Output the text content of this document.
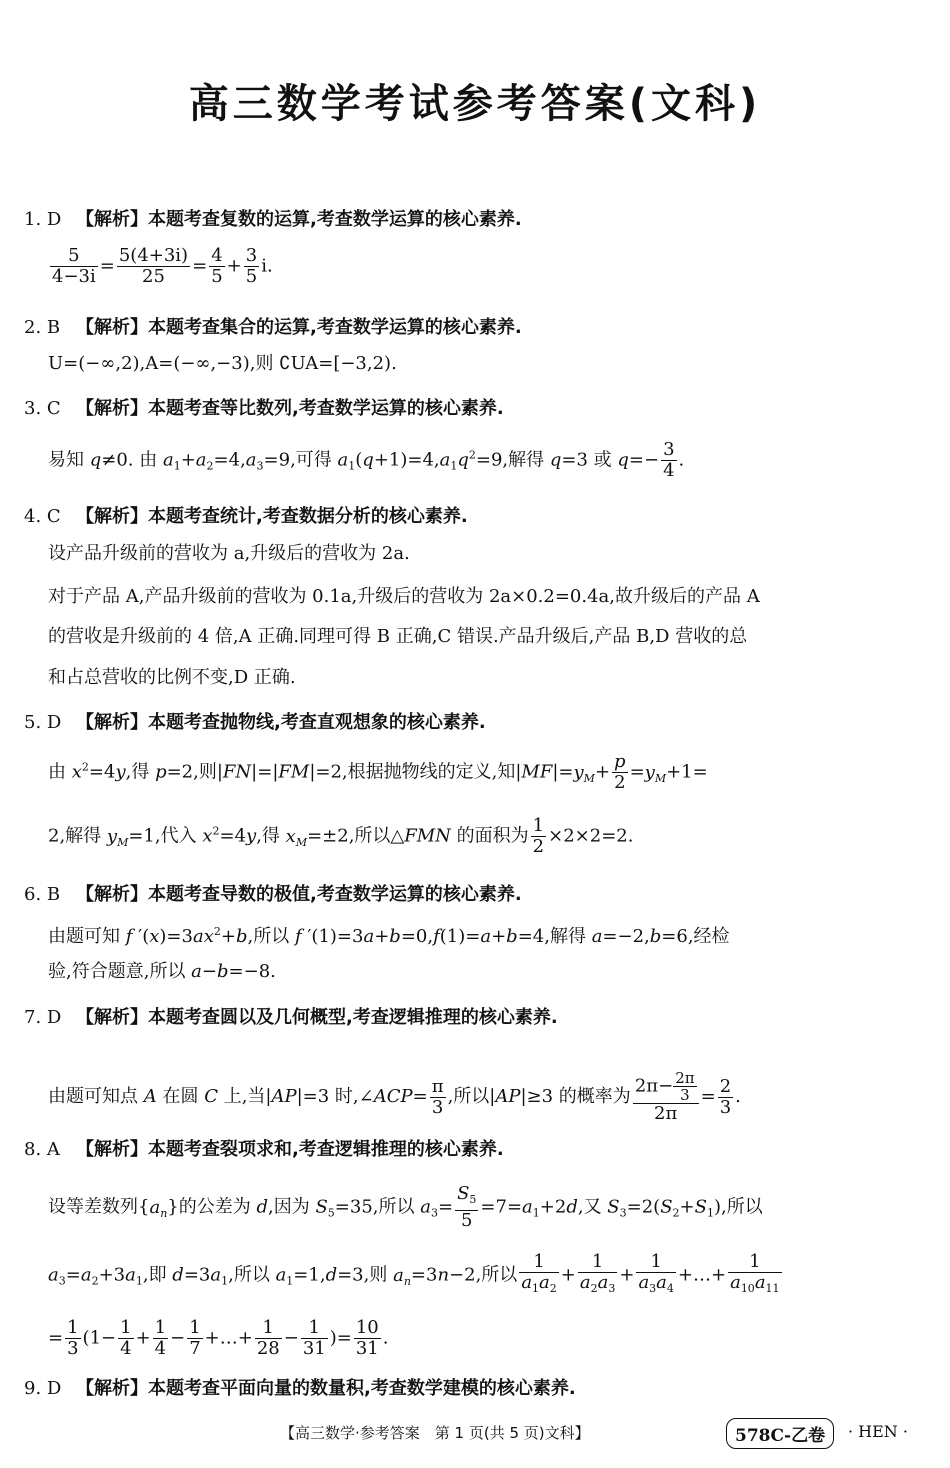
高三数学考试参考答案(文科)
1. D 【解析】本题考查复数的运算,考查数学运算的核心素养.
$\frac{5}{4-3i} = \frac{5(4+3i)}{25} = \frac{4}{5} + \frac{3}{5} i$.
2. B 【解析】本题考查集合的运算,考查数学运算的核心素养.
U=(−∞,2),A=(−∞,−3),则 ∁UA=[−3,2).
3. C 【解析】本题考查等比数列,考查数学运算的核心素养.
易知 q≠0. 由 $a_1+a_2=4,a_3=9$,可得 $a_1(q+1)=4,a_1q^2=9$,解得 q=3 或 $q=- \frac{3}{4}$ .
4. C 【解析】本题考查统计,考查数据分析的核心素养.
设产品升级前的营收为 a,升级后的营收为 2a.
对于产品 A,产品升级前的营收为 0.1a,升级后的营收为 2a×0.2=0.4a,故升级后的产品 A
的营收是升级前的 4 倍,A 正确.同理可得 B 正确,C 错误.产品升级后,产品 B,D 营收的总
和占总营收的比例不变,D 正确.
5. D 【解析】本题考查抛物线,考查直观想象的核心素养.
由 $x^2=4y$,得 p=2,则|FN|=|FM|=2,根据抛物线的定义,知$|MF|=y_M+ \frac{p}{2} =y_M+1=$
2,解得 $y_M=1$,代入 $x^2=4y$,得 $x_M=\pm 2$,所以△FMN 的面积为 $\frac{1}{2} \times 2\times 2=2$.
6. B 【解析】本题考查导数的极值,考查数学运算的核心素养.
由题可知 f $'(x)=3ax^2+b$,所以 f ′(1)=3a+b=0,f(1)=a+b=4,解得 a=−2,b=6,经检
验,符合题意,所以 a−b=−8.
7. D 【解析】本题考查圆以及几何概型,考查逻辑推理的核心素养.
由题可知点 A 在圆 C 上,当|AP|=3 时,∠ACP= $\frac{\pi}{3}$ ,所以|AP|≥3 的概率为 $\frac{2\pi- \frac{2\pi}{3}}{2\pi} = \frac{2}{3}$ .
8. A 【解析】本题考查裂项求和,考查逻辑推理的核心素养.
设等差数列$\{a_n\}$的公差为 d,因为 $S_5=35$,所以 $a_3= \frac{S_5}{5} =7=a_1+2d$,又 $S_3=2(S_2+S_1)$,所以
$a_3=a_2+3a_1$,即 $d=3a_1$,所以 $a_1=1,d=3$,则 $a_n=3n-2$,所以 $\frac{1}{a_1a_2} + \frac{1}{a_2a_3} + \frac{1}{a_3a_4}$ +…+ $\frac{1}{a_{10}a_{11}}$
= $\frac{1}{3} (1- \frac{1}{4} + \frac{1}{4} - \frac{1}{7}$ +…+ $\frac{1}{28} - \frac{1}{31}$ )= $\frac{10}{31}$ .
9. D 【解析】本题考查平面向量的数量积,考查数学建模的核心素养.
【高三数学·参考答案　第 1 页(共 5 页)文科】	578C-乙卷	· HEN ·
